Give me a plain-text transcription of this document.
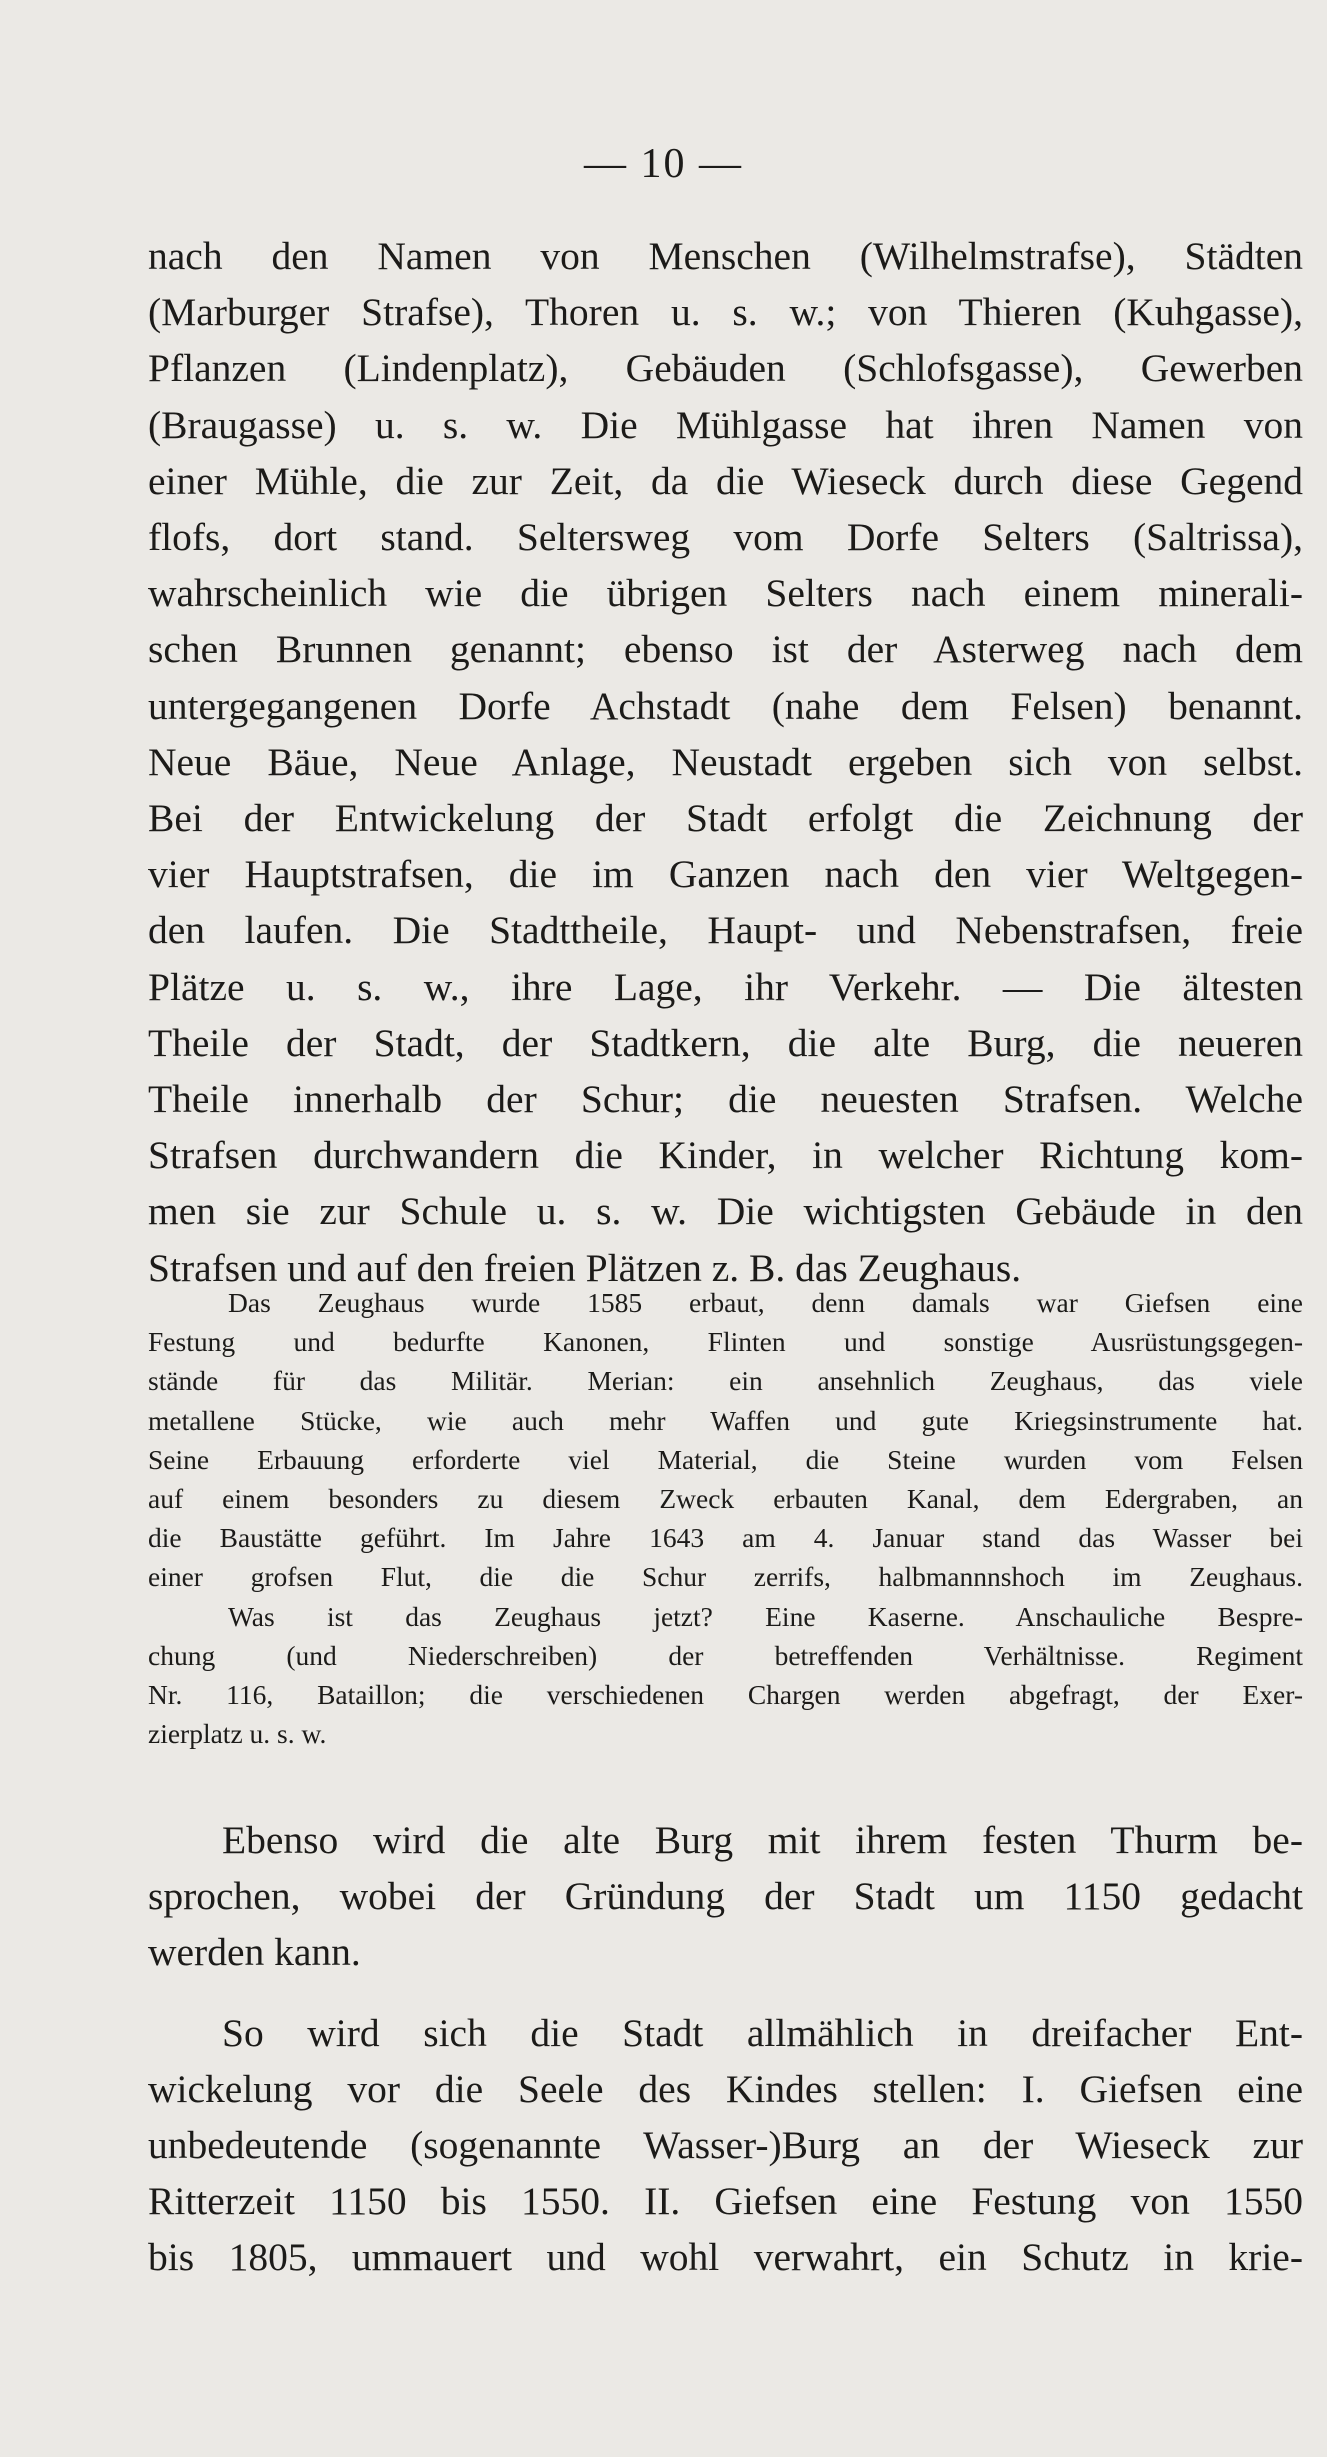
— 10 —
nach den Namen von Menschen (Wilhelmstrafse), Städten
(Marburger Strafse), Thoren u. s. w.; von Thieren (Kuhgasse),
Pflanzen (Lindenplatz), Gebäuden (Schlofsgasse), Gewerben
(Braugasse) u. s. w. Die Mühlgasse hat ihren Namen von
einer Mühle, die zur Zeit, da die Wieseck durch diese Gegend
flofs, dort stand. Seltersweg vom Dorfe Selters (Saltrissa),
wahrscheinlich wie die übrigen Selters nach einem minerali-
schen Brunnen genannt; ebenso ist der Asterweg nach dem
untergegangenen Dorfe Achstadt (nahe dem Felsen) benannt.
Neue Bäue, Neue Anlage, Neustadt ergeben sich von selbst.
Bei der Entwickelung der Stadt erfolgt die Zeichnung der
vier Hauptstrafsen, die im Ganzen nach den vier Weltgegen-
den laufen. Die Stadttheile, Haupt- und Nebenstrafsen, freie
Plätze u. s. w., ihre Lage, ihr Verkehr. — Die ältesten
Theile der Stadt, der Stadtkern, die alte Burg, die neueren
Theile innerhalb der Schur; die neuesten Strafsen. Welche
Strafsen durchwandern die Kinder, in welcher Richtung kom-
men sie zur Schule u. s. w. Die wichtigsten Gebäude in den
Strafsen und auf den freien Plätzen z. B. das Zeughaus.
Das Zeughaus wurde 1585 erbaut, denn damals war Giefsen eine
Festung und bedurfte Kanonen, Flinten und sonstige Ausrüstungsgegen-
stände für das Militär. Merian: ein ansehnlich Zeughaus, das viele
metallene Stücke, wie auch mehr Waffen und gute Kriegsinstrumente hat.
Seine Erbauung erforderte viel Material, die Steine wurden vom Felsen
auf einem besonders zu diesem Zweck erbauten Kanal, dem Edergraben, an
die Baustätte geführt. Im Jahre 1643 am 4. Januar stand das Wasser bei
einer grofsen Flut, die die Schur zerrifs, halbmannnshoch im Zeughaus.
Was ist das Zeughaus jetzt? Eine Kaserne. Anschauliche Bespre-
chung (und Niederschreiben) der betreffenden Verhältnisse. Regiment
Nr. 116, Bataillon; die verschiedenen Chargen werden abgefragt, der Exer-
zierplatz u. s. w.
Ebenso wird die alte Burg mit ihrem festen Thurm be-
sprochen, wobei der Gründung der Stadt um 1150 gedacht
werden kann.
So wird sich die Stadt allmählich in dreifacher Ent-
wickelung vor die Seele des Kindes stellen: I. Giefsen eine
unbedeutende (sogenannte Wasser-)Burg an der Wieseck zur
Ritterzeit 1150 bis 1550. II. Giefsen eine Festung von 1550
bis 1805, ummauert und wohl verwahrt, ein Schutz in krie-
